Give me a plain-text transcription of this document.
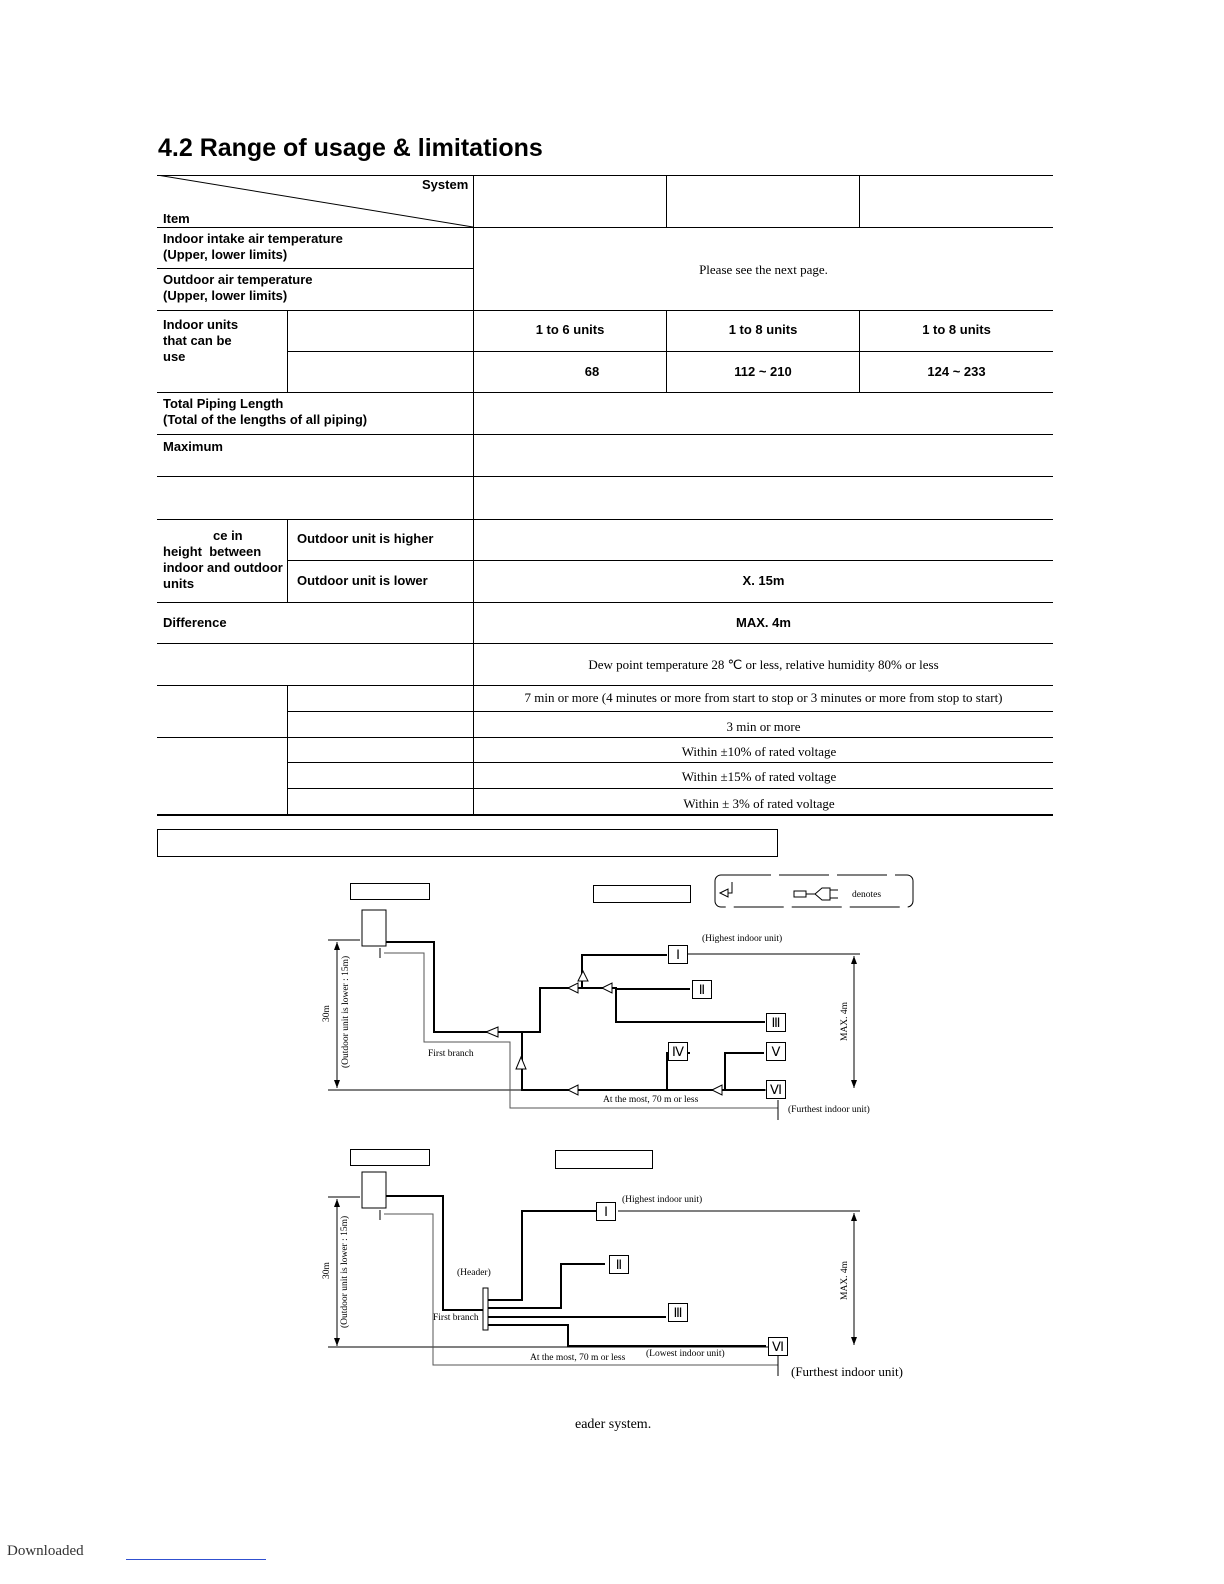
4.2 Range of usage & limitations
System
Item
Indoor intake air temperature
(Upper, lower limits)
Outdoor air temperature
(Upper, lower limits)
Please see the next page.
Indoor units
that can be
use
1 to 6 units	1 to 8 units	1 to 8 units
68	112 ~ 210	124 ~ 233
Total Piping Length
(Total of the lengths of all piping)
Maximum
ce in
height  between
indoor and outdoor
units
Outdoor unit is higher
Outdoor unit is lower	X. 15m
Difference	MAX. 4m
Dew point temperature 28 ℃ or less, relative humidity 80% or less
7 min or more (4 minutes or more from start to stop or 3 minutes or more from stop to start)
3 min or more
Within ±10% of rated voltage
Within ±15% of rated voltage
Within ± 3% of rated voltage
Ⅰ
Ⅱ
Ⅲ
Ⅳ	Ⅴ
Ⅵ
denotes
(Highest indoor unit)
First branch
At the most, 70 m or less
(Furthest indoor unit)
30m (Outdoor unit is lower : 15m)	MAX. 4m
Ⅰ
Ⅱ
Ⅲ
Ⅵ
(Highest indoor unit)
(Header)
First branch
At the most, 70 m or less (Lowest indoor unit)
(Furthest indoor unit)
30m (Outdoor unit is lower : 15m)	MAX. 4m
eader system.
Downloaded
